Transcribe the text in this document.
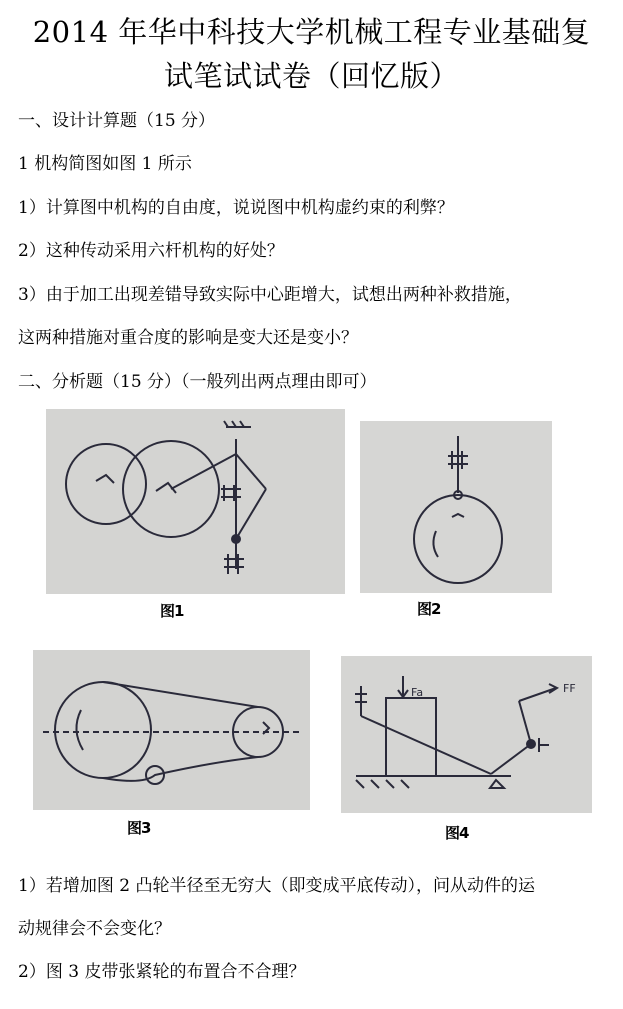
2014 年华中科技大学机械工程专业基础复
试笔试试卷（回忆版）
一、设计计算题（15 分）
1 机构简图如图 1 所示
1）计算图中机构的自由度，说说图中机构虚约束的利弊？
2）这种传动采用六杆机构的好处？
3）由于加工出现差错导致实际中心距增大，试想出两种补救措施，
这两种措施对重合度的影响是变大还是变小？
二、分析题（15 分）（一般列出两点理由即可）
图1	图2
图3
Fa	FF
图4
1）若增加图 2 凸轮半径至无穷大（即变成平底传动），问从动件的运
动规律会不会变化？
2）图 3 皮带张紧轮的布置合不合理？
